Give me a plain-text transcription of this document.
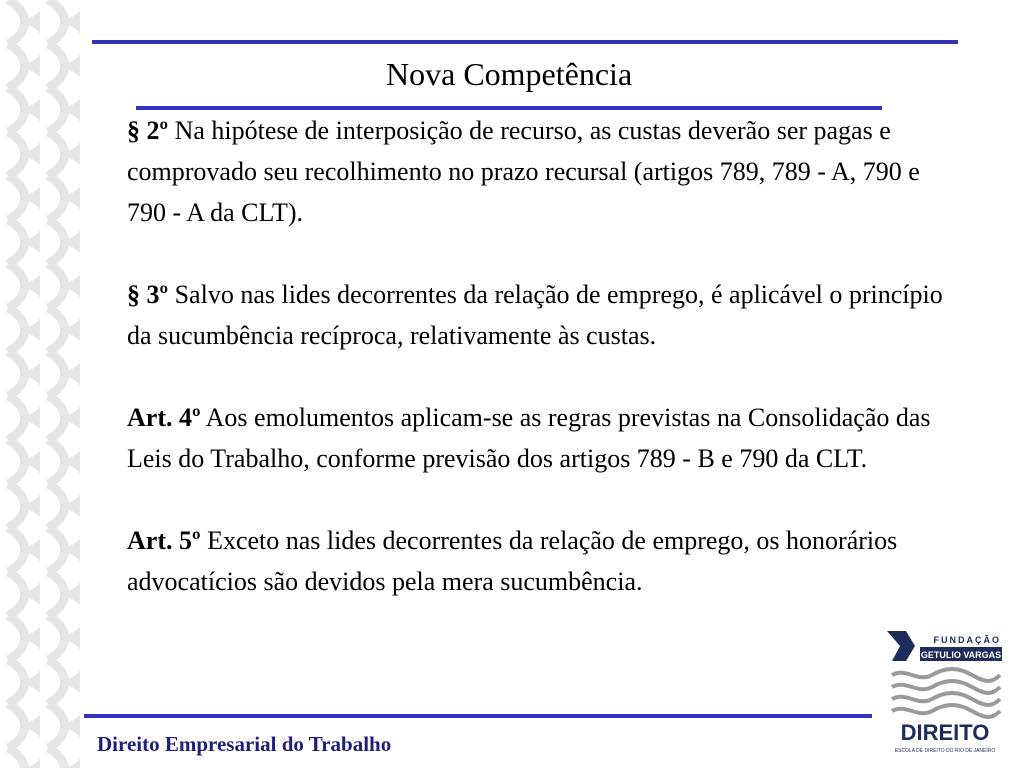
Nova Competência

§ 2º Na hipótese de interposição de recurso, as custas deverão ser pagas e comprovado seu recolhimento no prazo recursal (artigos 789, 789 - A, 790 e 790 - A da CLT).

§ 3º Salvo nas lides decorrentes da relação de emprego, é aplicável o princípio da sucumbência recíproca, relativamente às custas.

Art. 4º Aos emolumentos aplicam-se as regras previstas na Consolidação das Leis do Trabalho, conforme previsão dos artigos 789 - B e 790 da CLT.

Art. 5º Exceto nas lides decorrentes da relação de emprego, os honorários advocatícios são devidos pela mera sucumbência.

Direito Empresarial do Trabalho
FUNDAÇÃO
GETULIO VARGAS
DIREITO
ESCOLA DE DIREITO DO RIO DE JANEIRO
